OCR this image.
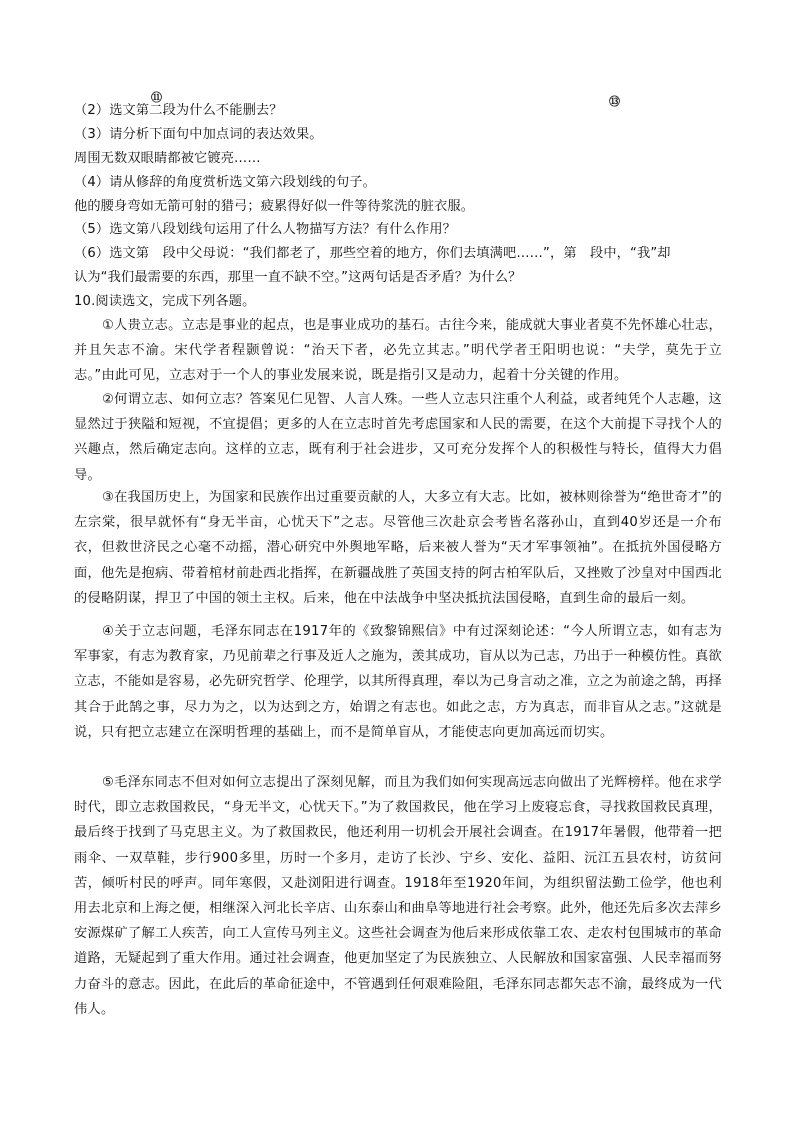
⑪	⑬
（2）选文第二段为什么不能删去？
（3）请分析下面句中加点词的表达效果。
周围无数双眼睛都被它镀亮……
（4）请从修辞的角度赏析选文第六段划线的句子。
他的腰身弯如无箭可射的猎弓；疲累得好似一件等待浆洗的脏衣服。
（5）选文第八段划线句运用了什么人物描写方法？有什么作用？
（6）选文第　段中父母说：“我们都老了，那些空着的地方，你们去填满吧……”，第　段中，“我”却
认为“我们最需要的东西，那里一直不缺不空。”这两句话是否矛盾？为什么？
10.阅读选文，完成下列各题。
①人贵立志。立志是事业的起点，也是事业成功的基石。古往今来，能成就大事业者莫不先怀雄心壮志，并且矢志不渝。宋代学者程颢曾说：“治天下者，必先立其志。”明代学者王阳明也说：“夫学，莫先于立志。”由此可见，立志对于一个人的事业发展来说，既是指引又是动力，起着十分关键的作用。
②何谓立志、如何立志？答案见仁见智、人言人殊。一些人立志只注重个人利益，或者纯凭个人志趣，这显然过于狭隘和短视，不宜提倡；更多的人在立志时首先考虑国家和人民的需要，在这个大前提下寻找个人的兴趣点，然后确定志向。这样的立志，既有利于社会进步，又可充分发挥个人的积极性与特长，值得大力倡导。
③在我国历史上，为国家和民族作出过重要贡献的人，大多立有大志。比如，被林则徐誉为“绝世奇才”的左宗棠，很早就怀有“身无半亩，心忧天下”之志。尽管他三次赴京会考皆名落孙山，直到40岁还是一介布衣，但救世济民之心毫不动摇，潜心研究中外舆地军略，后来被人誉为“天才军事领袖”。在抵抗外国侵略方面，他先是抱病、带着棺材前赴西北指挥，在新疆战胜了英国支持的阿古柏军队后，又挫败了沙皇对中国西北的侵略阴谋，捍卫了中国的领土主权。后来，他在中法战争中坚决抵抗法国侵略，直到生命的最后一刻。
④关于立志问题，毛泽东同志在1917年的《致黎锦熙信》中有过深刻论述：“今人所谓立志，如有志为军事家，有志为教育家，乃见前辈之行事及近人之施为，羡其成功，盲从以为己志，乃出于一种模仿性。真欲立志，不能如是容易，必先研究哲学、伦理学，以其所得真理，奉以为己身言动之准，立之为前途之鹄，再择其合于此鹄之事，尽力为之，以为达到之方，始谓之有志也。如此之志，方为真志，而非盲从之志。”这就是说，只有把立志建立在深明哲理的基础上，而不是简单盲从，才能使志向更加高远而切实。
⑤毛泽东同志不但对如何立志提出了深刻见解，而且为我们如何实现高远志向做出了光辉榜样。他在求学时代，即立志救国救民，“身无半文，心忧天下。”为了救国救民，他在学习上废寝忘食，寻找救国救民真理，最后终于找到了马克思主义。为了救国救民，他还利用一切机会开展社会调查。在1917年暑假，他带着一把雨伞、一双草鞋，步行900多里，历时一个多月，走访了长沙、宁乡、安化、益阳、沅江五县农村，访贫问苦，倾听村民的呼声。同年寒假，又赴浏阳进行调查。1918年至1920年间，为组织留法勤工俭学，他也利用去北京和上海之便，相继深入河北长辛店、山东泰山和曲阜等地进行社会考察。此外，他还先后多次去萍乡安源煤矿了解工人疾苦，向工人宣传马列主义。这些社会调查为他后来形成依靠工农、走农村包围城市的革命道路，无疑起到了重大作用。通过社会调查，他更加坚定了为民族独立、人民解放和国家富强、人民幸福而努力奋斗的意志。因此，在此后的革命征途中，不管遇到任何艰难险阻，毛泽东同志都矢志不渝，最终成为一代伟人。
